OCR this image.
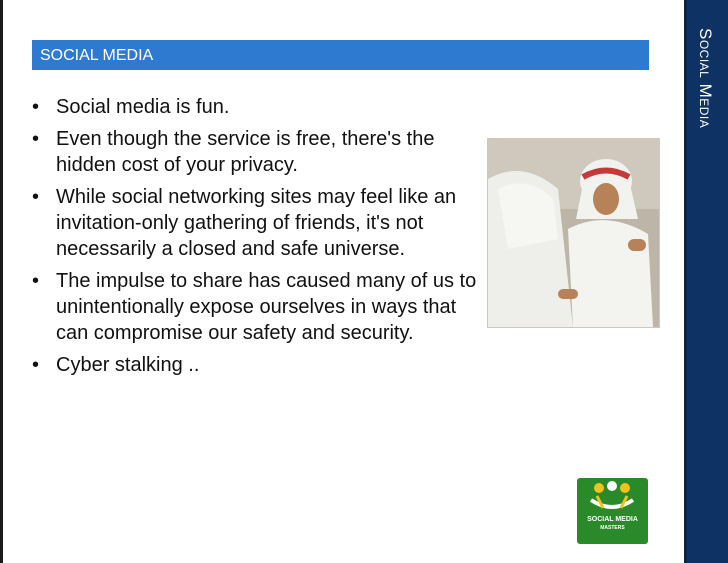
SOCIAL MEDIA	Social Media
• Social media is fun.
• Even though the service is free, there's the hidden cost of your privacy.
• While social networking sites may feel like an invitation-only gathering of friends, it's not necessarily a closed and safe universe.
• The impulse to share has caused many of us to unintentionally expose ourselves in ways that can compromise our safety and security.
• Cyber stalking ..
SOCIAL MEDIA
MASTERS
